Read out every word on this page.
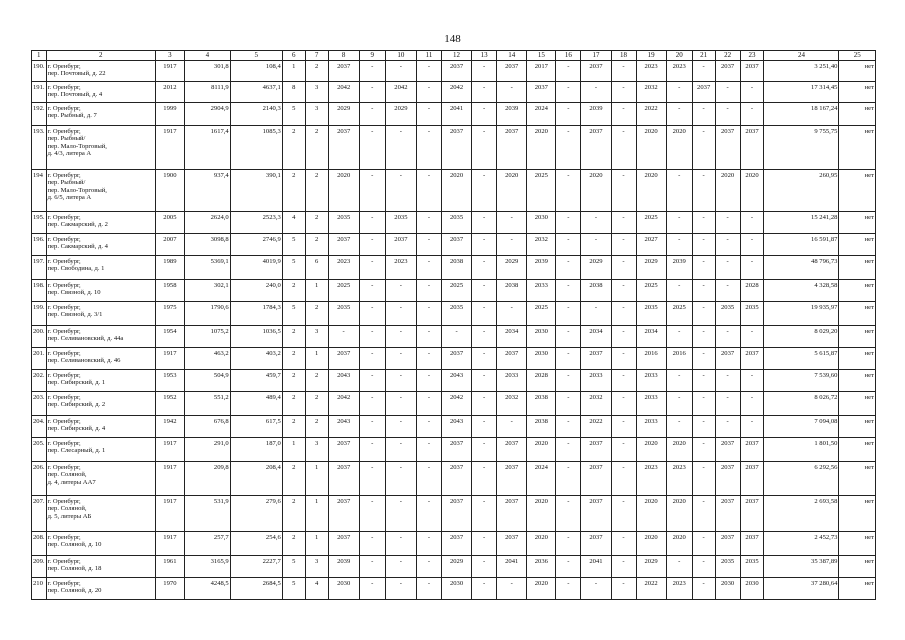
148
1	2	3	4	5	6	7	8	9	10	11	12	13	14	15	16	17	18	19	20	21	22	23	24	25
190.	г. Оренбург,
пер. Почтовый, д. 22	1917	301,8	108,4	1	2	2037	-	-	-	2037	-	2037	2017	-	2037	-	2023	2023	-	2037	2037	3 251,40	нет
191.	г. Оренбург,
пер. Почтовый, д. 4	2012	8111,9	4637,1	8	3	2042	-	2042	-	2042	-	-	2037	-	-	-	2032	-	2037	-	-	17 314,45	нет
192.	г. Оренбург,
пер. Рыбный, д. 7	1999	2904,9	2140,3	5	3	2029	-	2029	-	2041	-	2039	2024	-	2039	-	2022	-	-	-	-	18 167,24	нет
193.	г. Оренбург,
пер. Рыбный/
пер. Мало-Торговый,
д. 4/3, литера А	1917	1617,4	1085,3	2	2	2037	-	-	-	2037	-	2037	2020	-	2037	-	2020	2020	-	2037	2037	9 755,75	нет
194	г. Оренбург,
пер. Рыбный/
пер. Мало-Торговый,
д. 6/5, литера А	1900	937,4	390,1	2	2	2020	-	-	-	2020	-	2020	2025	-	2020	-	2020	-	-	2020	2020	260,95	нет
195.	г. Оренбург,
пер. Сакмарский, д. 2	2005	2624,0	2523,3	4	2	2035	-	2035	-	2035	-	-	2030	-	-	-	2025	-	-	-	-	15 241,28	нет
196.	г. Оренбург,
пер. Сакмарский, д. 4	2007	3098,8	2746,9	5	2	2037	-	2037	-	2037	-	-	2032	-	-	-	2027	-	-	-	-	16 591,87	нет
197.	г. Оренбург,
пер. Свободина, д. 1	1989	5369,1	4019,9	5	6	2023	-	2023	-	2038	-	2029	2039	-	2029	-	2029	2039	-	-	-	48 796,73	нет
198.	г. Оренбург,
пер. Связной, д. 10	1958	302,1	240,0	2	1	2025	-	-	-	2025	-	2038	2033	-	2038	-	2025	-	-	-	2028	4 328,58	нет
199.	г. Оренбург,
пер. Связной, д. 3/1	1975	1790,6	1784,3	5	2	2035	-	-	-	2035	-	-	2025	-	-	-	2035	2025	-	2035	2035	19 935,97	нет
200.	г. Оренбург,
пер. Селивановский, д. 44а	1954	1075,2	1036,5	2	3	-	-	-	-	-	-	2034	2030	-	2034	-	2034	-	-	-	-	8 029,20	нет
201.	г. Оренбург,
пер. Селивановский, д. 46	1917	463,2	403,2	2	1	2037	-	-	-	2037	-	2037	2030	-	2037	-	2016	2016	-	2037	2037	5 615,87	нет
202.	г. Оренбург,
пер. Сибирский, д. 1	1953	504,9	459,7	2	2	2043	-	-	-	2043	-	2033	2028	-	2033	-	2033	-	-	-	-	7 539,60	нет
203.	г. Оренбург,
пер. Сибирский, д. 2	1952	551,2	489,4	2	2	2042	-	-	-	2042	-	2032	2038	-	2032	-	2033	-	-	-	-	8 026,72	нет
204.	г. Оренбург,
пер. Сибирский, д. 4	1942	676,8	617,5	2	2	2043	-	-	-	2043	-	-	2038	-	2022	-	2033	-	-	-	-	7 094,08	нет
205.	г. Оренбург,
пер. Слесарный, д. 1	1917	291,0	187,0	1	3	2037	-	-	-	2037	-	2037	2020	-	2037	-	2020	2020	-	2037	2037	1 801,50	нет
206.	г. Оренбург,
пер. Соляной,
д. 4, литеры АА7	1917	209,8	208,4	2	1	2037	-	-	-	2037	-	2037	2024	-	2037	-	2023	2023	-	2037	2037	6 292,56	нет
207.	г. Оренбург,
пер. Соляной,
д. 5, литеры АБ	1917	531,9	279,6	2	1	2037	-	-	-	2037	-	2037	2020	-	2037	-	2020	2020	-	2037	2037	2 693,58	нет
208.	г. Оренбург,
пер. Соляной, д. 10	1917	257,7	254,6	2	1	2037	-	-	-	2037	-	2037	2020	-	2037	-	2020	2020	-	2037	2037	2 452,73	нет
209.	г. Оренбург,
пер. Соляной, д. 18	1961	3165,9	2227,7	5	3	2039	-	-	-	2029	-	2041	2036	-	2041	-	2029	-	-	2035	2035	35 387,89	нет
210	г. Оренбург,
пер. Соляной, д. 20	1970	4248,5	2684,5	5	4	2030	-	-	-	2030	-	-	2020	-	-	-	2022	2023	-	2030	2030	37 280,64	нет
